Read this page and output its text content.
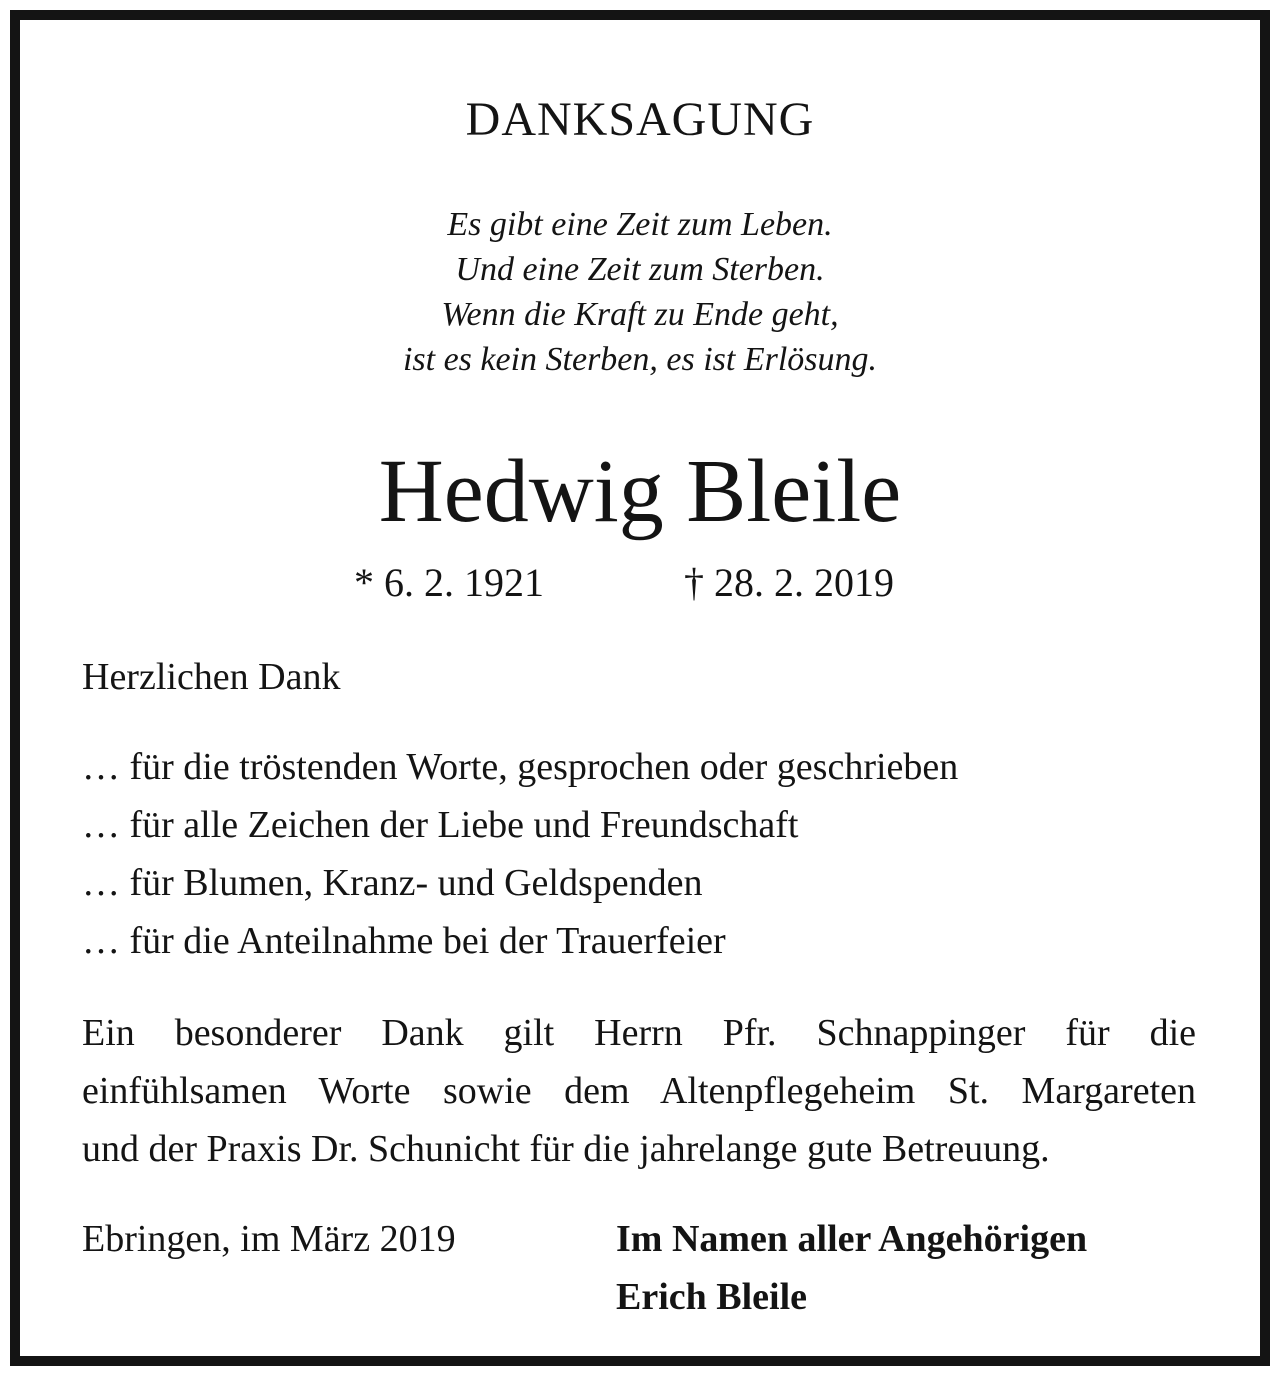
DANKSAGUNG
Es gibt eine Zeit zum Leben.
Und eine Zeit zum Sterben.
Wenn die Kraft zu Ende geht,
ist es kein Sterben, es ist Erlösung.
Hedwig Bleile
* 6. 2. 1921	† 28. 2. 2019
Herzlichen Dank
… für die tröstenden Worte, gesprochen oder geschrieben
… für alle Zeichen der Liebe und Freundschaft
… für Blumen, Kranz- und Geldspenden
… für die Anteilnahme bei der Trauerfeier
Ein besonderer Dank gilt Herrn Pfr. Schnappinger für die
einfühlsamen Worte sowie dem Altenpflegeheim St. Margareten
und der Praxis Dr. Schunicht für die jahrelange gute Betreuung.
Ebringen, im März 2019	Im Namen aller Angehörigen
Erich Bleile
